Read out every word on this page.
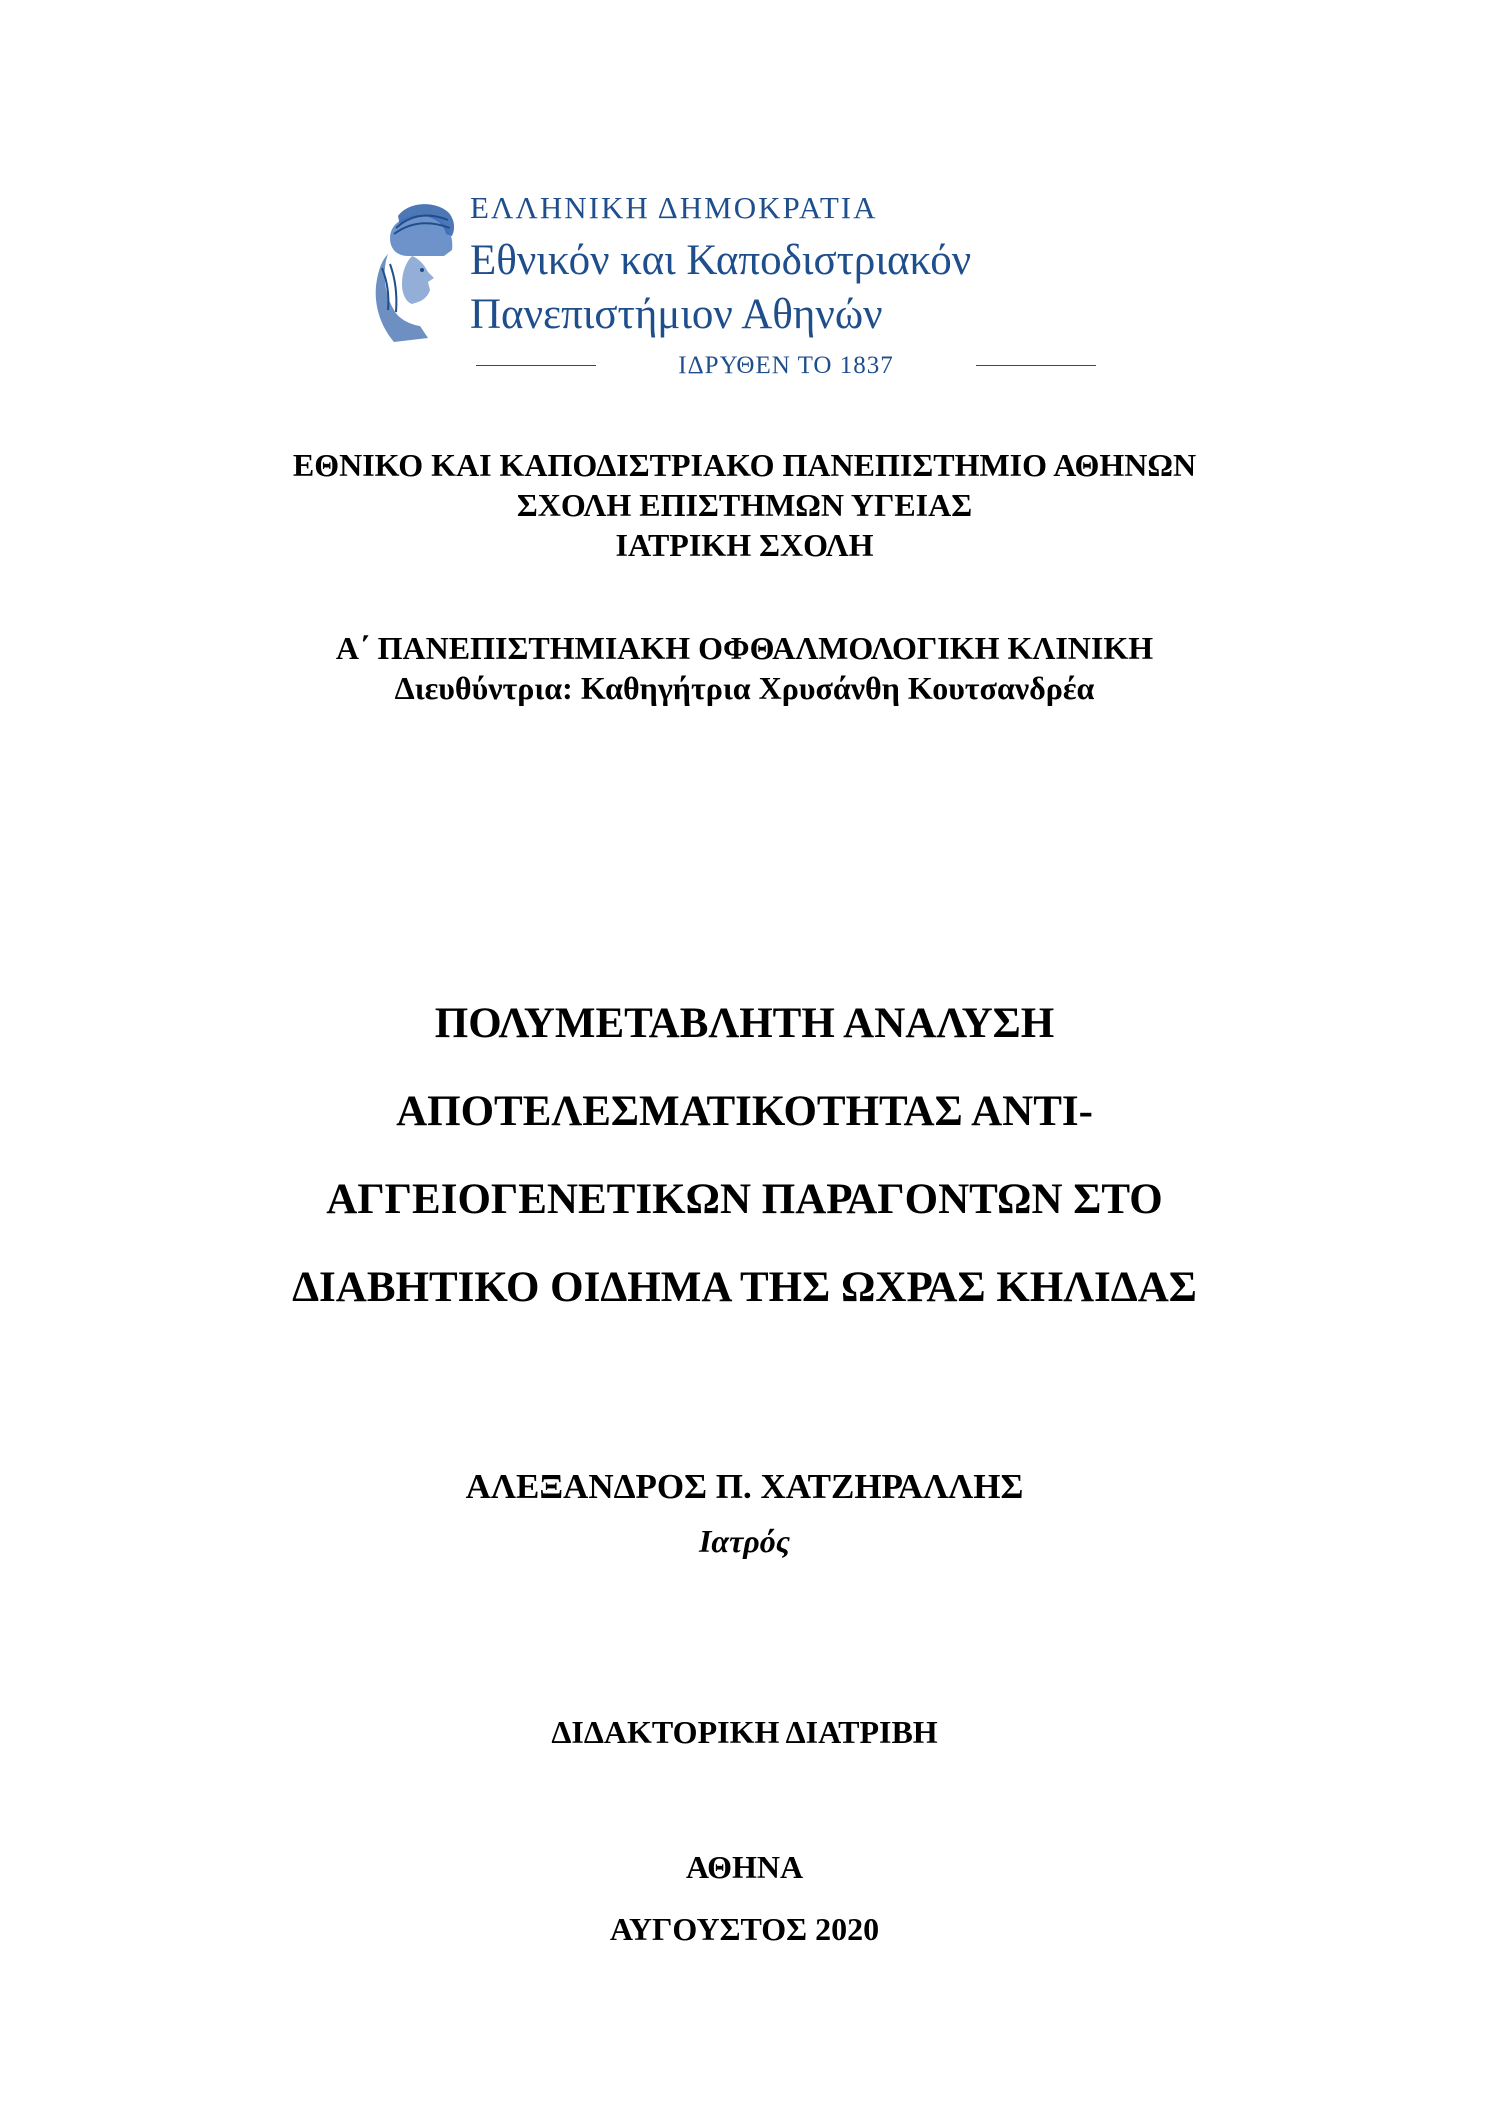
ΕΛΛΗΝΙΚΗ ΔΗΜΟΚΡΑΤΙΑ
Εθνικόν και Καποδιστριακόν
Πανεπιστήμιον Αθηνών
ΙΔΡΥΘΕΝ ΤΟ 1837
ΕΘΝΙΚΟ ΚΑΙ ΚΑΠΟΔΙΣΤΡΙΑΚΟ ΠΑΝΕΠΙΣΤΗΜΙΟ ΑΘΗΝΩΝ
ΣΧΟΛΗ ΕΠΙΣΤΗΜΩΝ ΥΓΕΙΑΣ
ΙΑΤΡΙΚΗ ΣΧΟΛΗ
Α΄ ΠΑΝΕΠΙΣΤΗΜΙΑΚΗ ΟΦΘΑΛΜΟΛΟΓΙΚΗ ΚΛΙΝΙΚΗ
Διευθύντρια: Καθηγήτρια Χρυσάνθη Κουτσανδρέα
ΠΟΛΥΜΕΤΑΒΛΗΤΗ ΑΝΑΛΥΣΗ
ΑΠΟΤΕΛΕΣΜΑΤΙΚΟΤΗΤΑΣ ΑΝΤΙ-
ΑΓΓΕΙΟΓΕΝΕΤΙΚΩΝ ΠΑΡΑΓΟΝΤΩΝ ΣΤΟ
ΔΙΑΒΗΤΙΚΟ ΟΙΔΗΜΑ ΤΗΣ ΩΧΡΑΣ ΚΗΛΙΔΑΣ
ΑΛΕΞΑΝΔΡΟΣ Π. ΧΑΤΖΗΡΑΛΛΗΣ
Ιατρός
ΔΙΔΑΚΤΟΡΙΚΗ ΔΙΑΤΡΙΒΗ
ΑΘΗΝΑ
ΑΥΓΟΥΣΤΟΣ 2020
